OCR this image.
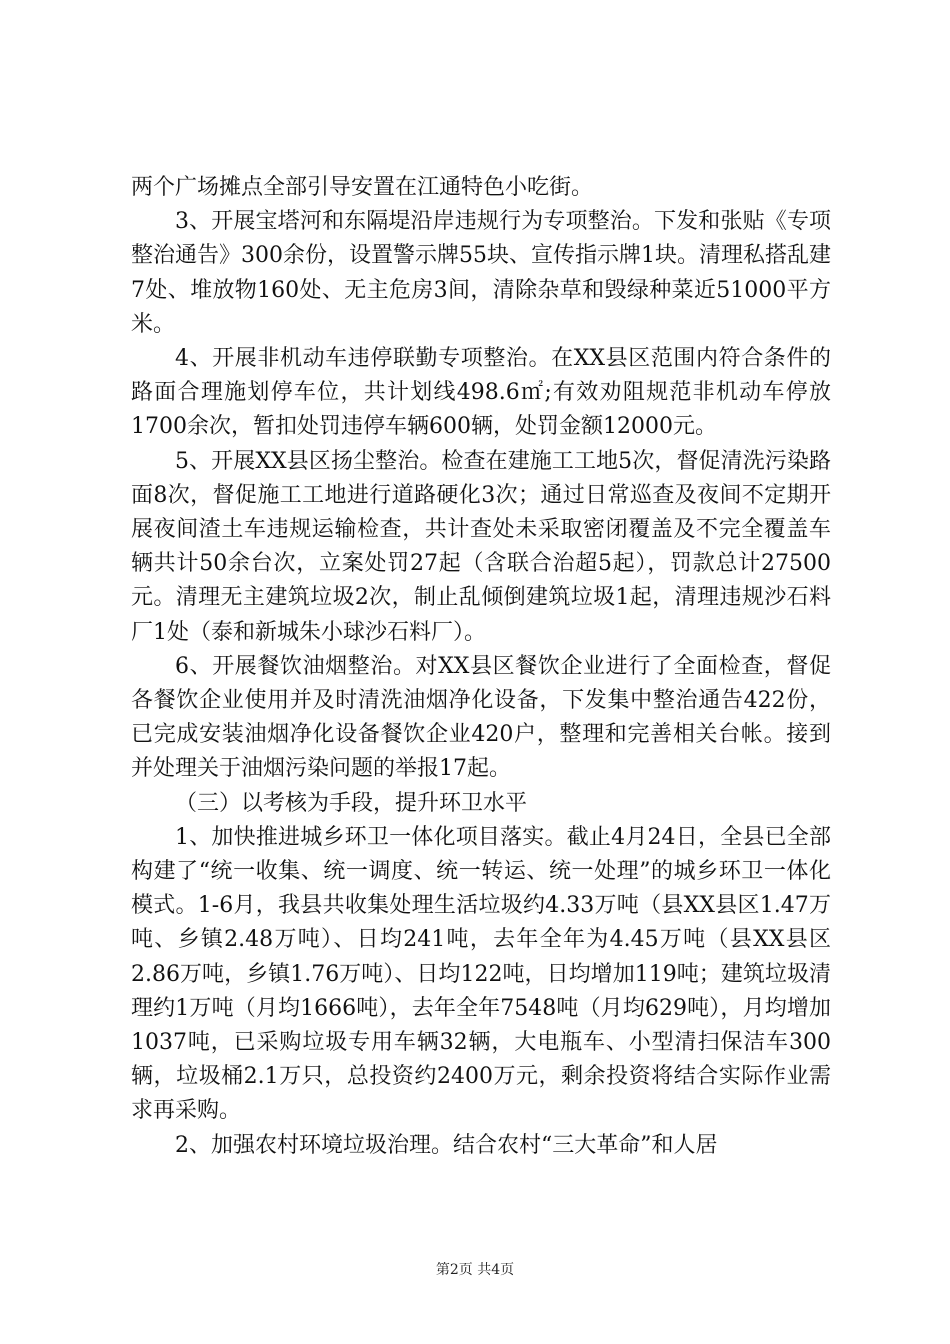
两个广场摊点全部引导安置在江通特色小吃街。

3、开展宝塔河和东隔堤沿岸违规行为专项整治。下发和张贴《专项整治通告》300余份，设置警示牌55块、宣传指示牌1块。清理私搭乱建7处、堆放物160处、无主危房3间，清除杂草和毁绿种菜近51000平方米。

4、开展非机动车违停联勤专项整治。在XX县区范围内符合条件的路面合理施划停车位，共计划线498.6㎡;有效劝阻规范非机动车停放1700余次，暂扣处罚违停车辆600辆，处罚金额12000元。

5、开展XX县区扬尘整治。检查在建施工工地5次，督促清洗污染路面8次，督促施工工地进行道路硬化3次；通过日常巡查及夜间不定期开展夜间渣土车违规运输检查，共计查处未采取密闭覆盖及不完全覆盖车辆共计50余台次，立案处罚27起（含联合治超5起），罚款总计27500元。清理无主建筑垃圾2次，制止乱倾倒建筑垃圾1起，清理违规沙石料厂1处（泰和新城朱小球沙石料厂）。

6、开展餐饮油烟整治。对XX县区餐饮企业进行了全面检查，督促各餐饮企业使用并及时清洗油烟净化设备，下发集中整治通告422份，已完成安装油烟净化设备餐饮企业420户，整理和完善相关台帐。接到并处理关于油烟污染问题的举报17起。

（三）以考核为手段，提升环卫水平

1、加快推进城乡环卫一体化项目落实。截止4月24日，全县已全部构建了“统一收集、统一调度、统一转运、统一处理”的城乡环卫一体化模式。1-6月，我县共收集处理生活垃圾约4.33万吨（县XX县区1.47万吨、乡镇2.48万吨）、日均241吨，去年全年为4.45万吨（县XX县区2.86万吨，乡镇1.76万吨）、日均122吨，日均增加119吨；建筑垃圾清理约1万吨（月均1666吨），去年全年7548吨（月均629吨），月均增加1037吨，已采购垃圾专用车辆32辆，大电瓶车、小型清扫保洁车300辆，垃圾桶2.1万只，总投资约2400万元，剩余投资将结合实际作业需求再采购。

2、加强农村环境垃圾治理。结合农村“三大革命”和人居

第2页 共4页
